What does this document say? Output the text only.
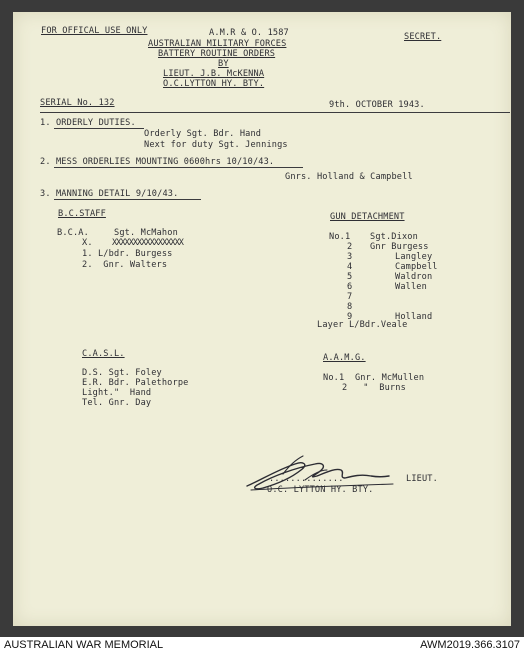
FOR OFFICAL USE ONLY	A.M.R & O. 1587	SECRET.
AUSTRALIAN MILITARY FORCES
BATTERY ROUTINE ORDERS
BY
LIEUT. J.B. McKENNA
O.C.LYTTON HY. BTY.
SERIAL No. 132	9th. OCTOBER 1943.
1. ORDERLY DUTIES.
Orderly Sgt. Bdr. Hand
Next for duty Sgt. Jennings
2. MESS ORDERLIES MOUNTING 0600hrs 10/10/43.
Gnrs. Holland & Campbell
3. MANNING DETAIL 9/10/43.
B.C.STAFF
B.C.A.	Sgt. McMahon
X. XXXXXXXXXXXXXXXXX
1. L/bdr. Burgess
2.  Gnr. Walters
GUN DETACHMENT
No.1 Sgt.Dixon
2 Gnr Burgess
3	Langley
4	Campbell
5	Waldron
6	Wallen
7
8
9	Holland
Layer L/Bdr.Veale
C.A.S.L.
D.S. Sgt. Foley
E.R. Bdr. Palethorpe
Light."  Hand
Tel. Gnr. Day
A.A.M.G.
No.1  Gnr. McMullen
2   "  Burns
..............	LIEUT.
O.C. LYTTON HY. BTY.
AUSTRALIAN WAR MEMORIAL	AWM2019.366.3107
